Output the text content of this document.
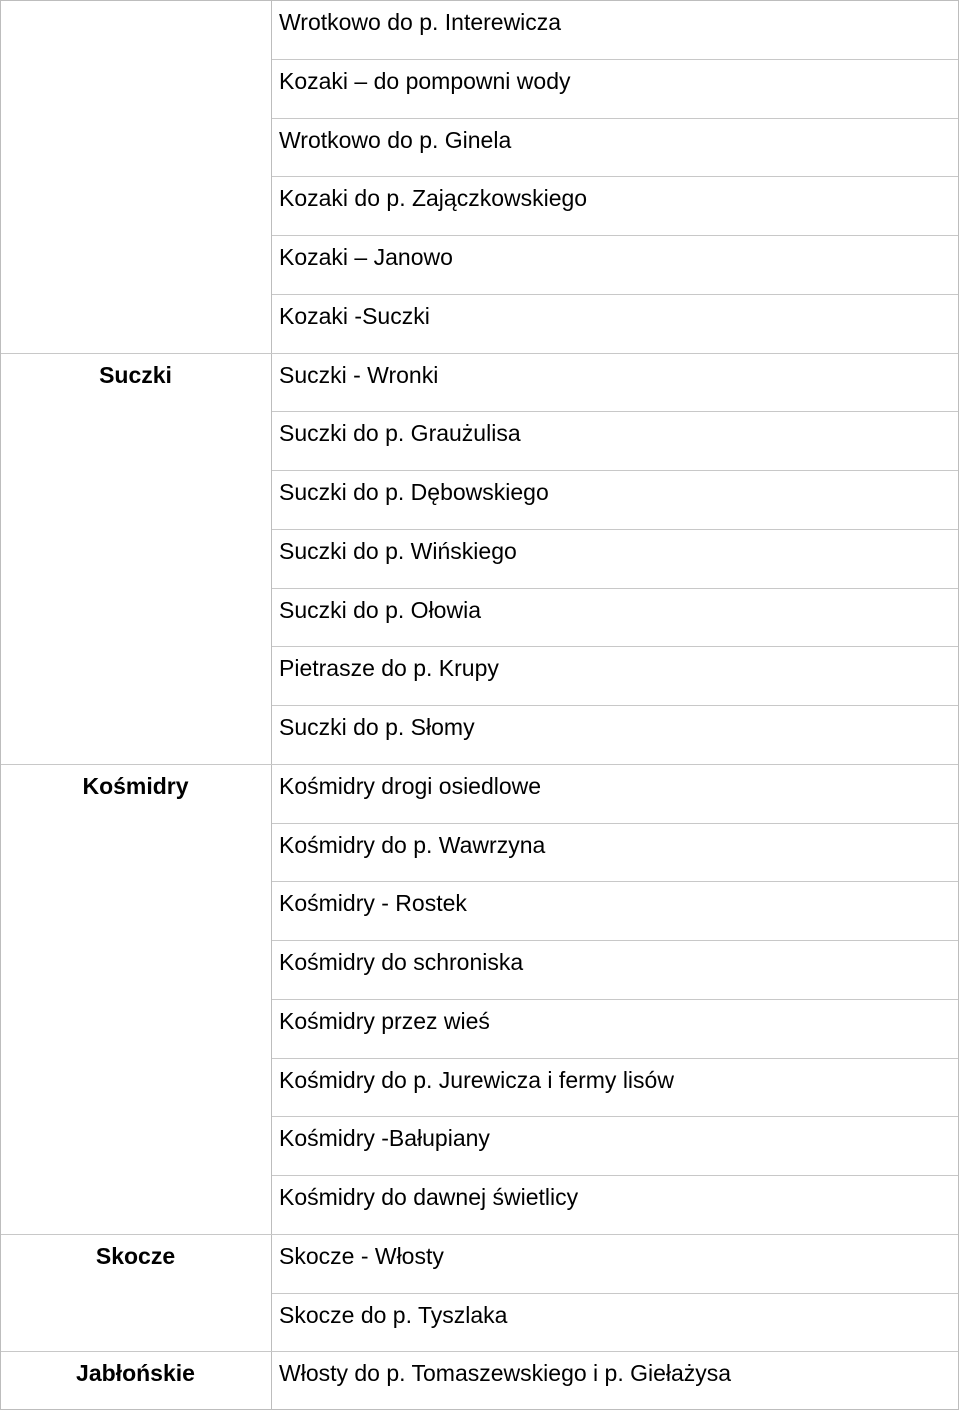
Wrotkowo do p. Interewicza
Kozaki – do pompowni wody
Wrotkowo do p. Ginela
Kozaki do p. Zajączkowskiego
Kozaki – Janowo
Kozaki -Suczki
Suczki - Wronki
Suczki do p. Graużulisa
Suczki do p. Dębowskiego
Suczki do p. Wińskiego
Suczki do p. Ołowia
Pietrasze do p. Krupy
Suczki do p. Słomy
Suczki
Kośmidry drogi osiedlowe
Kośmidry do p. Wawrzyna
Kośmidry - Rostek
Kośmidry do schroniska
Kośmidry przez wieś
Kośmidry do p. Jurewicza i fermy lisów
Kośmidry -Bałupiany
Kośmidry do dawnej świetlicy
Kośmidry
Skocze - Włosty
Skocze do p. Tyszlaka
Skocze
Włosty do p. Tomaszewskiego i p. Giełażysa
Jabłońskie
